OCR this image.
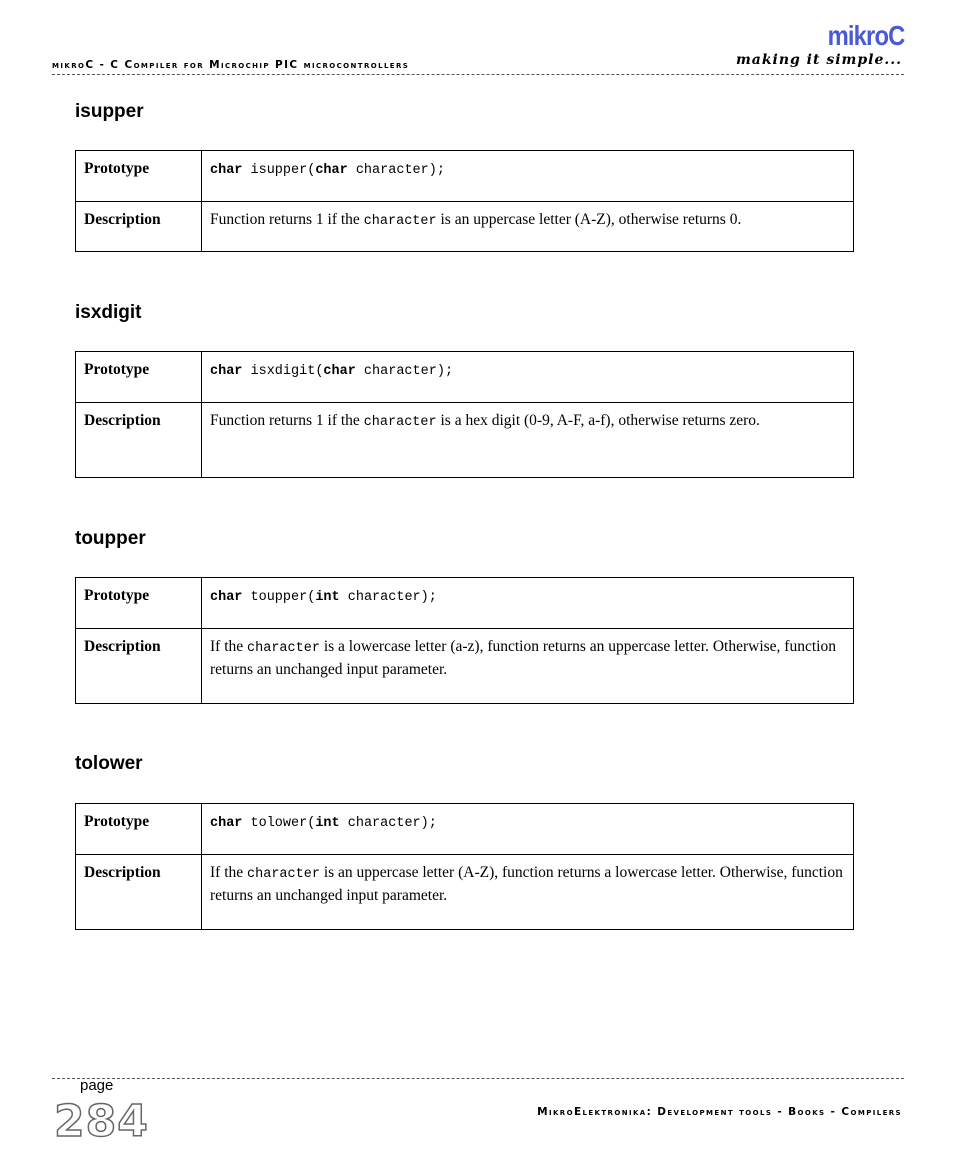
mikroC - C Compiler for Microchip PIC microcontrollers
mikroC
making it simple...
isupper
Prototype	char isupper(char character);
Description	Function returns 1 if the character is an uppercase letter (A-Z), otherwise returns 0.
isxdigit
Prototype	char isxdigit(char character);
Description	Function returns 1 if the character is a hex digit (0-9, A-F, a-f), otherwise returns zero.
toupper
Prototype	char toupper(int character);
Description	If the character is a lowercase letter (a-z), function returns an uppercase letter. Otherwise, function returns an unchanged input parameter.
tolower
Prototype	char tolower(int character);
Description	If the character is an uppercase letter (A-Z), function returns a lowercase letter. Otherwise, function returns an unchanged input parameter.
page
284	MikroElektronika: Development tools - Books - Compilers
